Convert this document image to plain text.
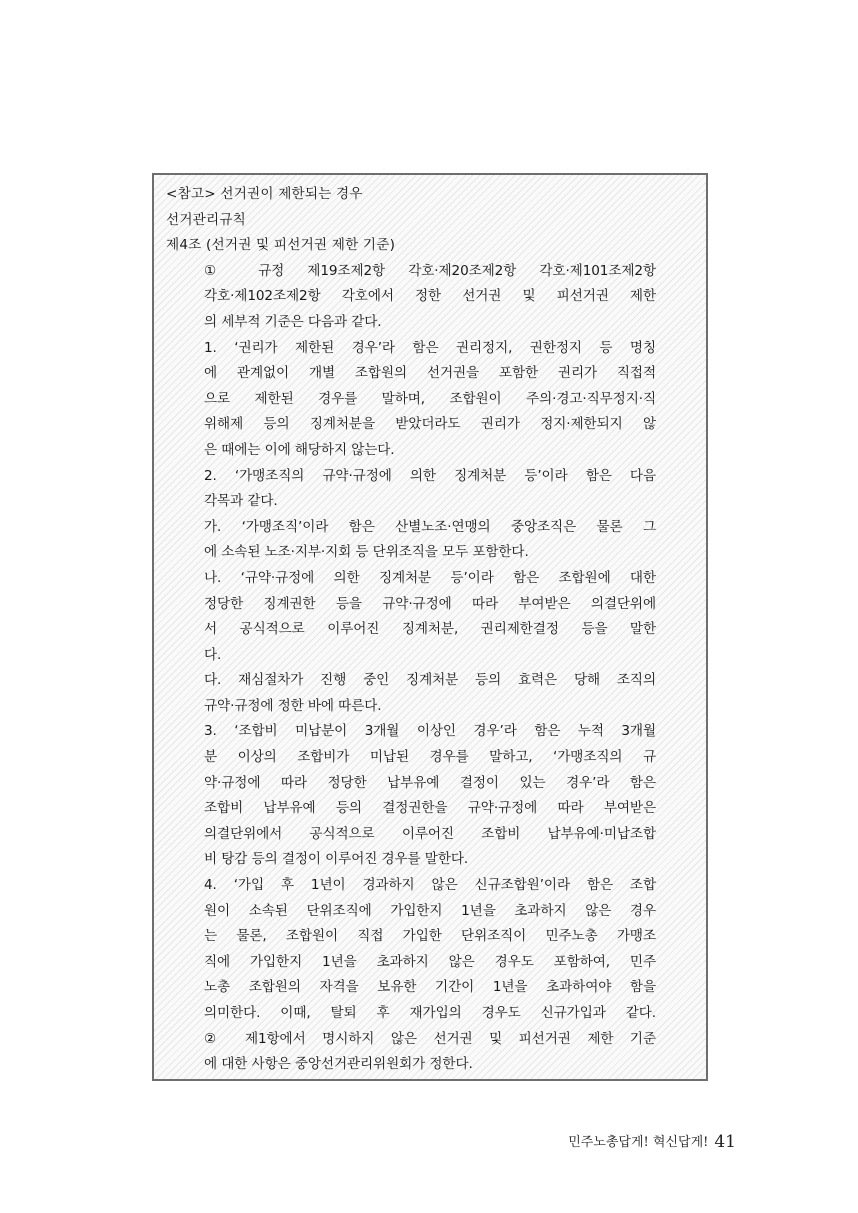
<참고> 선거권이 제한되는 경우

선거관리규칙

제4조 (선거권 및 피선거권 제한 기준)

① 규정 제19조제2항 각호·제20조제2항 각호·제101조제2항

각호·제102조제2항 각호에서 정한 선거권 및 피선거권 제한

의 세부적 기준은 다음과 같다.

1. ‘권리가 제한된 경우’라 함은 권리정지, 권한정지 등 명칭

에 관계없이 개별 조합원의 선거권을 포함한 권리가 직접적

으로 제한된 경우를 말하며, 조합원이 주의·경고·직무정지·직

위해제 등의 징계처분을 받았더라도 권리가 정지·제한되지 않

은 때에는 이에 해당하지 않는다.

2. ‘가맹조직의 규약·규정에 의한 징계처분 등’이라 함은 다음

각목과 같다.

가. ‘가맹조직’이라 함은 산별노조·연맹의 중앙조직은 물론 그

에 소속된 노조·지부·지회 등 단위조직을 모두 포함한다.

나. ‘규약·규정에 의한 징계처분 등’이라 함은 조합원에 대한

정당한 징계권한 등을 규약·규정에 따라 부여받은 의결단위에

서 공식적으로 이루어진 징계처분, 권리제한결정 등을 말한

다.

다. 재심절차가 진행 중인 징계처분 등의 효력은 당해 조직의

규약·규정에 정한 바에 따른다.

3. ‘조합비 미납분이 3개월 이상인 경우’라 함은 누적 3개월

분 이상의 조합비가 미납된 경우를 말하고, ‘가맹조직의 규

약·규정에 따라 정당한 납부유예 결정이 있는 경우’라 함은

조합비 납부유예 등의 결정권한을 규약·규정에 따라 부여받은

의결단위에서 공식적으로 이루어진 조합비 납부유예·미납조합

비 탕감 등의 결정이 이루어진 경우를 말한다.

4. ‘가입 후 1년이 경과하지 않은 신규조합원’이라 함은 조합

원이 소속된 단위조직에 가입한지 1년을 초과하지 않은 경우

는 물론, 조합원이 직접 가입한 단위조직이 민주노총 가맹조

직에 가입한지 1년을 초과하지 않은 경우도 포함하여, 민주

노총 조합원의 자격을 보유한 기간이 1년을 초과하여야 함을

의미한다. 이때, 탈퇴 후 재가입의 경우도 신규가입과 같다.

② 제1항에서 명시하지 않은 선거권 및 피선거권 제한 기준

에 대한 사항은 중앙선거관리위원회가 정한다.

민주노총답게! 혁신답게! 41
